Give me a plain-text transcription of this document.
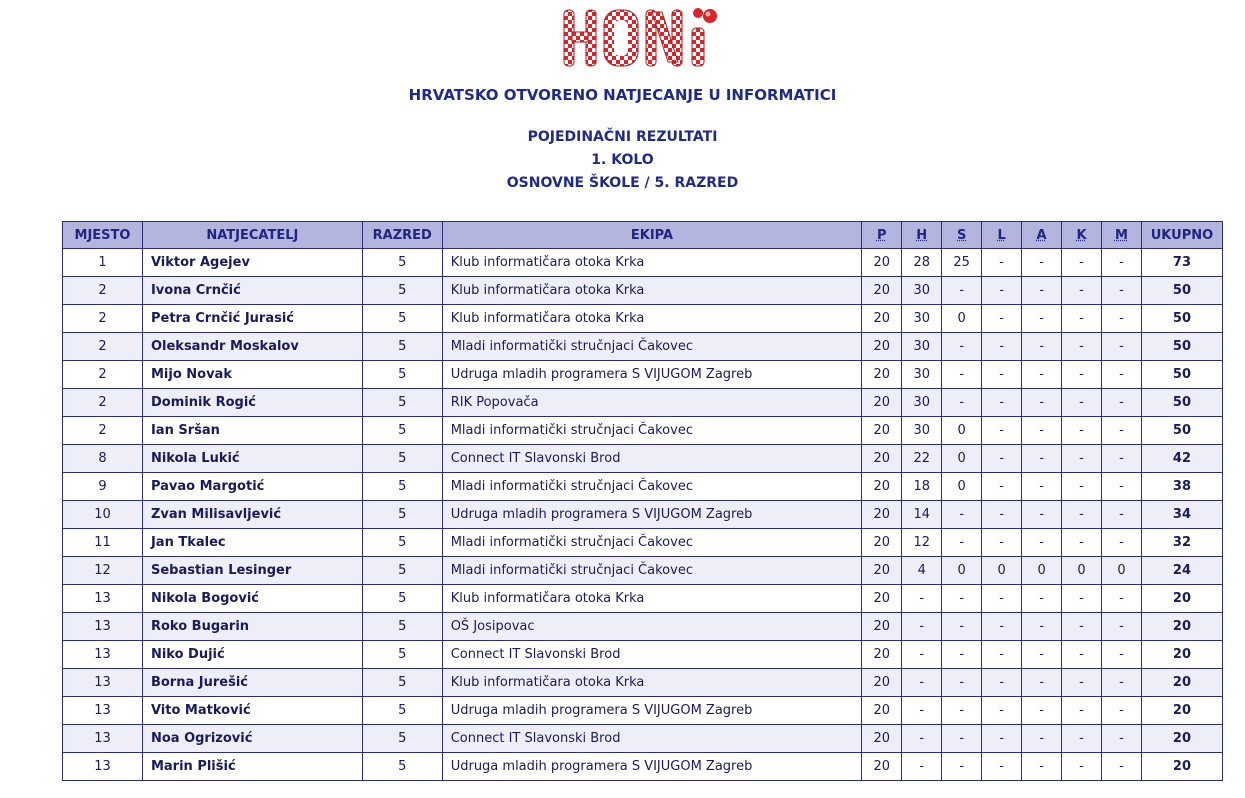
HRVATSKO OTVORENO NATJECANJE U INFORMATICI
POJEDINAČNI REZULTATI
1. KOLO
OSNOVNE ŠKOLE / 5. RAZRED
MJESTO	NATJECATELJ	RAZRED	EKIPA	P	H	S	L	A	K	M	UKUPNO
1	Viktor Agejev	5	Klub informatičara otoka Krka	20	28	25	-	-	-	-	73
2	Ivona Crnčić	5	Klub informatičara otoka Krka	20	30	-	-	-	-	-	50
2	Petra Crnčić Jurasić	5	Klub informatičara otoka Krka	20	30	0	-	-	-	-	50
2	Oleksandr Moskalov	5	Mladi informatički stručnjaci Čakovec	20	30	-	-	-	-	-	50
2	Mijo Novak	5	Udruga mladih programera S VIJUGOM Zagreb	20	30	-	-	-	-	-	50
2	Dominik Rogić	5	RIK Popovača	20	30	-	-	-	-	-	50
2	Ian Sršan	5	Mladi informatički stručnjaci Čakovec	20	30	0	-	-	-	-	50
8	Nikola Lukić	5	Connect IT Slavonski Brod	20	22	0	-	-	-	-	42
9	Pavao Margotić	5	Mladi informatički stručnjaci Čakovec	20	18	0	-	-	-	-	38
10	Zvan Milisavljević	5	Udruga mladih programera S VIJUGOM Zagreb	20	14	-	-	-	-	-	34
11	Jan Tkalec	5	Mladi informatički stručnjaci Čakovec	20	12	-	-	-	-	-	32
12	Sebastian Lesinger	5	Mladi informatički stručnjaci Čakovec	20	4	0	0	0	0	0	24
13	Nikola Bogović	5	Klub informatičara otoka Krka	20	-	-	-	-	-	-	20
13	Roko Bugarin	5	OŠ Josipovac	20	-	-	-	-	-	-	20
13	Niko Dujić	5	Connect IT Slavonski Brod	20	-	-	-	-	-	-	20
13	Borna Jurešić	5	Klub informatičara otoka Krka	20	-	-	-	-	-	-	20
13	Vito Matković	5	Udruga mladih programera S VIJUGOM Zagreb	20	-	-	-	-	-	-	20
13	Noa Ogrizović	5	Connect IT Slavonski Brod	20	-	-	-	-	-	-	20
13	Marin Plišić	5	Udruga mladih programera S VIJUGOM Zagreb	20	-	-	-	-	-	-	20
